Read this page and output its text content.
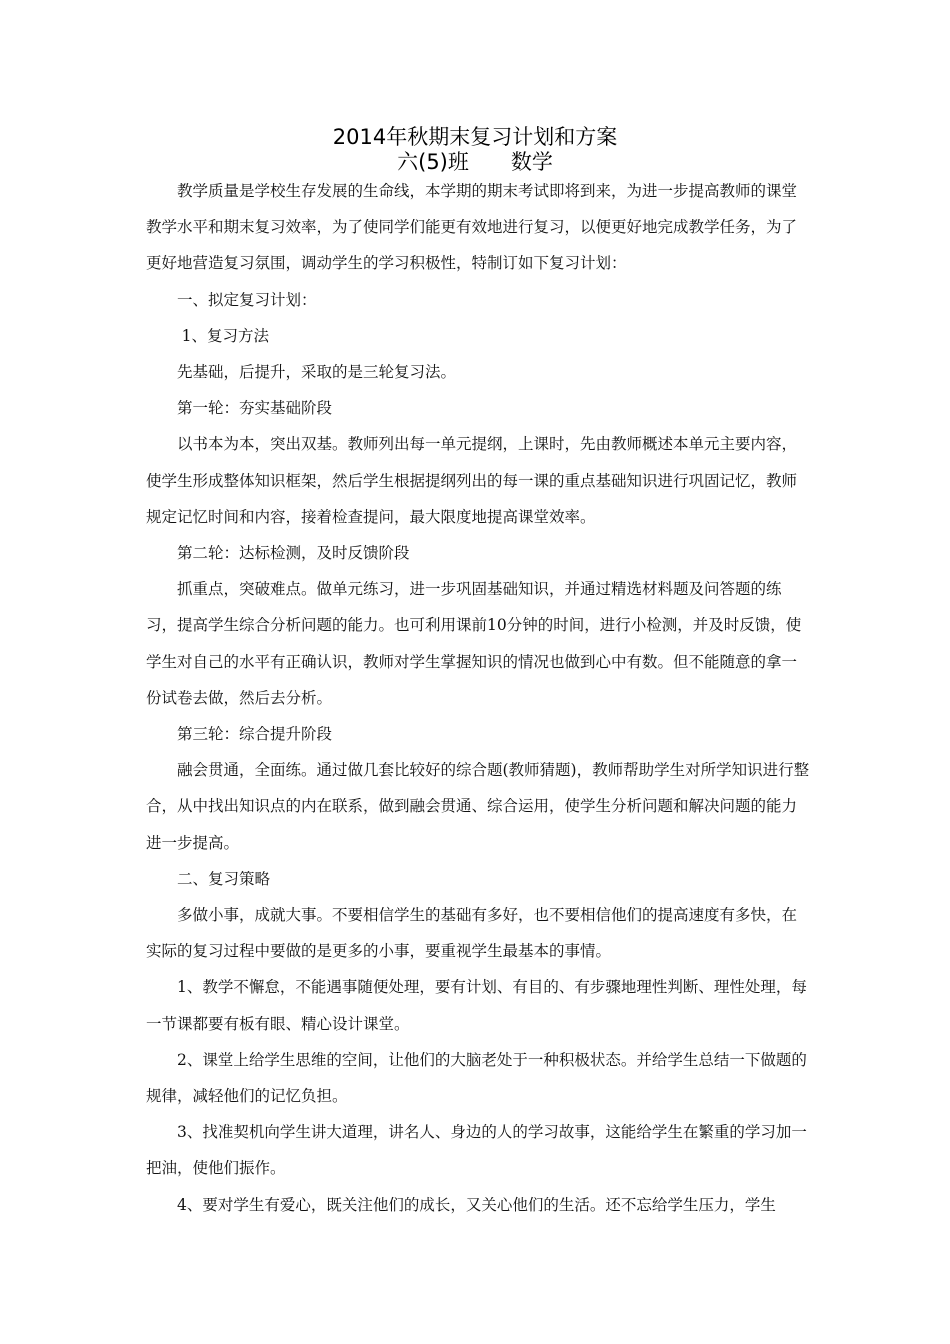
2014年秋期末复习计划和方案
六(5)班　　数学

教学质量是学校生存发展的生命线，本学期的期末考试即将到来，为进一步提高教师的课堂教学水平和期末复习效率，为了使同学们能更有效地进行复习，以便更好地完成教学任务，为了更好地营造复习氛围，调动学生的学习积极性，特制订如下复习计划：

一、拟定复习计划：

1、复习方法

先基础，后提升，采取的是三轮复习法。

第一轮：夯实基础阶段

以书本为本，突出双基。教师列出每一单元提纲，上课时，先由教师概述本单元主要内容，使学生形成整体知识框架，然后学生根据提纲列出的每一课的重点基础知识进行巩固记忆，教师规定记忆时间和内容，接着检查提问，最大限度地提高课堂效率。

第二轮：达标检测，及时反馈阶段

抓重点，突破难点。做单元练习，进一步巩固基础知识，并通过精选材料题及问答题的练习，提高学生综合分析问题的能力。也可利用课前10分钟的时间，进行小检测，并及时反馈，使学生对自己的水平有正确认识，教师对学生掌握知识的情况也做到心中有数。但不能随意的拿一份试卷去做，然后去分析。

第三轮：综合提升阶段

融会贯通，全面练。通过做几套比较好的综合题(教师猜题)，教师帮助学生对所学知识进行整合，从中找出知识点的内在联系，做到融会贯通、综合运用，使学生分析问题和解决问题的能力进一步提高。

二、复习策略

多做小事，成就大事。不要相信学生的基础有多好，也不要相信他们的提高速度有多快，在实际的复习过程中要做的是更多的小事，要重视学生最基本的事情。

1、教学不懈怠，不能遇事随便处理，要有计划、有目的、有步骤地理性判断、理性处理，每一节课都要有板有眼、精心设计课堂。

2、课堂上给学生思维的空间，让他们的大脑老处于一种积极状态。并给学生总结一下做题的规律，减轻他们的记忆负担。

3、找准契机向学生讲大道理，讲名人、身边的人的学习故事，这能给学生在繁重的学习加一把油，使他们振作。

4、要对学生有爱心，既关注他们的成长，又关心他们的生活。还不忘给学生压力，学生
